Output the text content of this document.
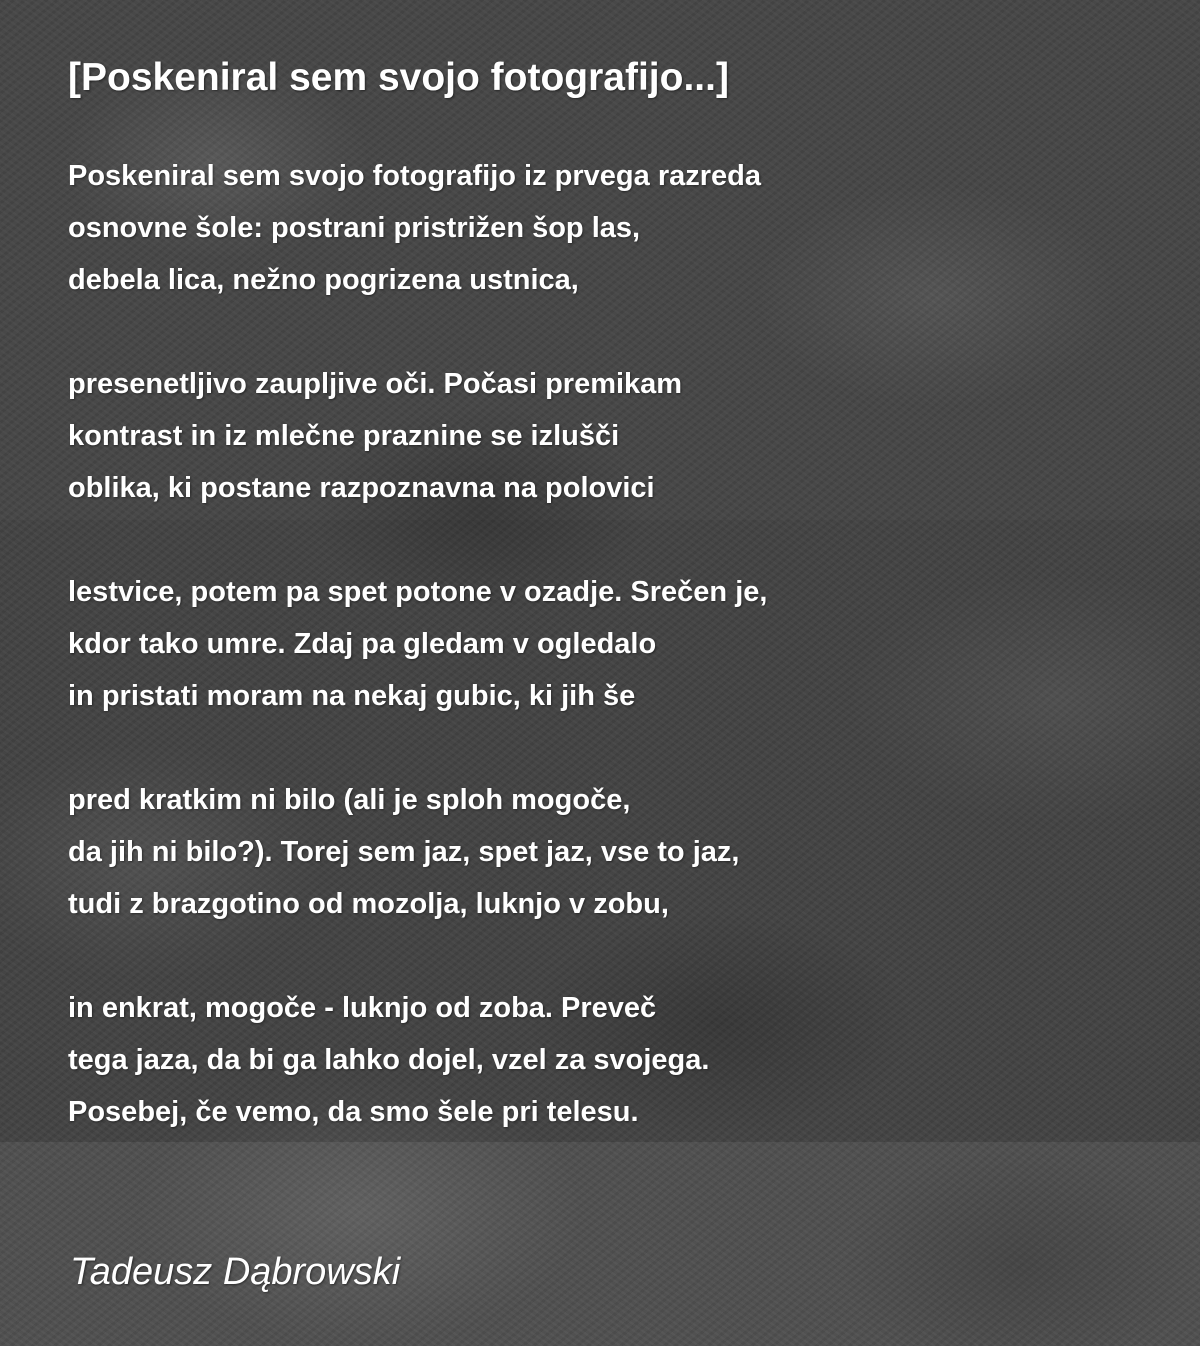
[Poskeniral sem svojo fotografijo...]
Poskeniral sem svojo fotografijo iz prvega razreda
osnovne šole: postrani pristrižen šop las,
debela lica, nežno pogrizena ustnica,
presenetljivo zaupljive oči. Počasi premikam
kontrast in iz mlečne praznine se izlušči
oblika, ki postane razpoznavna na polovici
lestvice, potem pa spet potone v ozadje. Srečen je,
kdor tako umre. Zdaj pa gledam v ogledalo
in pristati moram na nekaj gubic, ki jih še
pred kratkim ni bilo (ali je sploh mogoče,
da jih ni bilo?). Torej sem jaz, spet jaz, vse to jaz,
tudi z brazgotino od mozolja, luknjo v zobu,
in enkrat, mogoče - luknjo od zoba. Preveč
tega jaza, da bi ga lahko dojel, vzel za svojega.
Posebej, če vemo, da smo šele pri telesu.

Tadeusz Dąbrowski
